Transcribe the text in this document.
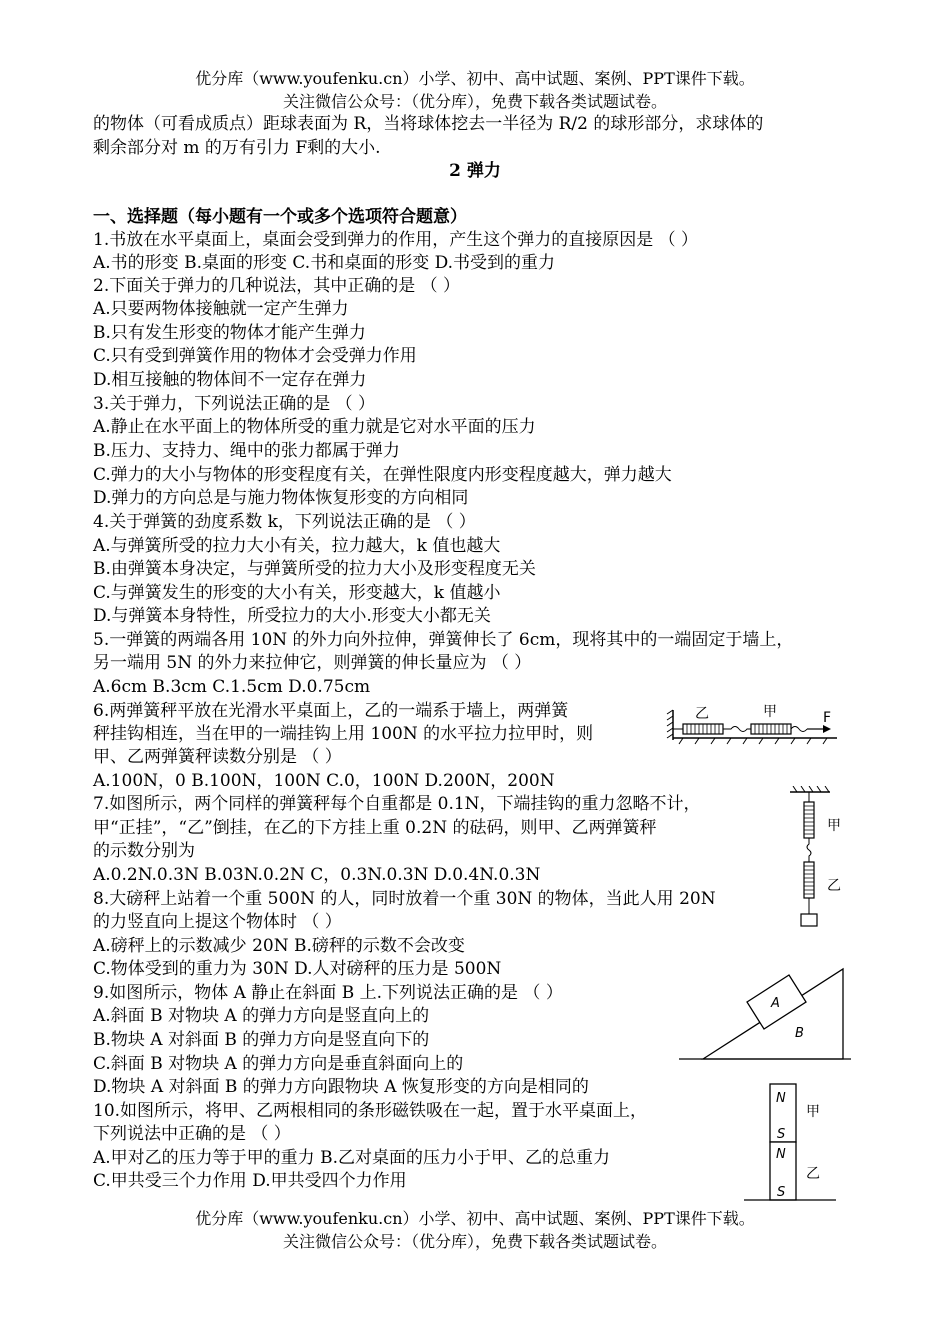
优分库（www.youfenku.cn）小学、初中、高中试题、案例、PPT课件下载。
关注微信公众号：（优分库），免费下载各类试题试卷。
的物体（可看成质点）距球表面为 R，当将球体挖去一半径为 R/2 的球形部分，求球体的
剩余部分对 m 的万有引力 F剩的大小.
2 弹力
一、选择题（每小题有一个或多个选项符合题意）
1.书放在水平桌面上，桌面会受到弹力的作用，产生这个弹力的直接原因是 （ ）
A.书的形变 B.桌面的形变 C.书和桌面的形变 D.书受到的重力
2.下面关于弹力的几种说法，其中正确的是 （ ）
A.只要两物体接触就一定产生弹力
B.只有发生形变的物体才能产生弹力
C.只有受到弹簧作用的物体才会受弹力作用
D.相互接触的物体间不一定存在弹力
3.关于弹力，下列说法正确的是 （ ）
A.静止在水平面上的物体所受的重力就是它对水平面的压力
B.压力、支持力、绳中的张力都属于弹力
C.弹力的大小与物体的形变程度有关，在弹性限度内形变程度越大，弹力越大
D.弹力的方向总是与施力物体恢复形变的方向相同
4.关于弹簧的劲度系数 k，下列说法正确的是 （ ）
A.与弹簧所受的拉力大小有关，拉力越大，k 值也越大
B.由弹簧本身决定，与弹簧所受的拉力大小及形变程度无关
C.与弹簧发生的形变的大小有关，形变越大，k 值越小
D.与弹簧本身特性，所受拉力的大小.形变大小都无关
5.一弹簧的两端各用 10N 的外力向外拉伸，弹簧伸长了 6cm，现将其中的一端固定于墙上，
另一端用 5N 的外力来拉伸它，则弹簧的伸长量应为 （ ）
A.6cm B.3cm C.1.5cm D.0.75cm
6.两弹簧秤平放在光滑水平桌面上，乙的一端系于墙上，两弹簧
秤挂钩相连，当在甲的一端挂钩上用 100N 的水平拉力拉甲时，则
甲、乙两弹簧秤读数分别是 （ ）
A.100N，0 B.100N，100N C.0，100N D.200N，200N
7.如图所示，两个同样的弹簧秤每个自重都是 0.1N，下端挂钩的重力忽略不计，
甲“正挂”，“乙”倒挂，在乙的下方挂上重 0.2N 的砝码，则甲、乙两弹簧秤
的示数分别为
A.0.2N.0.3N B.03N.0.2N C，0.3N.0.3N D.0.4N.0.3N
8.大磅秤上站着一个重 500N 的人，同时放着一个重 30N 的物体，当此人用 20N
的力竖直向上提这个物体时 （ ）
A.磅秤上的示数减少 20N B.磅秤的示数不会改变
C.物体受到的重力为 30N D.人对磅秤的压力是 500N
9.如图所示，物体 A 静止在斜面 B 上.下列说法正确的是 （ ）
A.斜面 B 对物块 A 的弹力方向是竖直向上的
B.物块 A 对斜面 B 的弹力方向是竖直向下的
C.斜面 B 对物块 A 的弹力方向是垂直斜面向上的
D.物块 A 对斜面 B 的弹力方向跟物块 A 恢复形变的方向是相同的
10.如图所示，将甲、乙两根相同的条形磁铁吸在一起，置于水平桌面上，
下列说法中正确的是 （ ）
A.甲对乙的压力等于甲的重力 B.乙对桌面的压力小于甲、乙的总重力
C.甲共受三个力作用 D.甲共受四个力作用
优分库（www.youfenku.cn）小学、初中、高中试题、案例、PPT课件下载。
关注微信公众号：（优分库），免费下载各类试题试卷。
乙	甲	F
甲
乙
A
B
N
S
N
S
甲
乙
